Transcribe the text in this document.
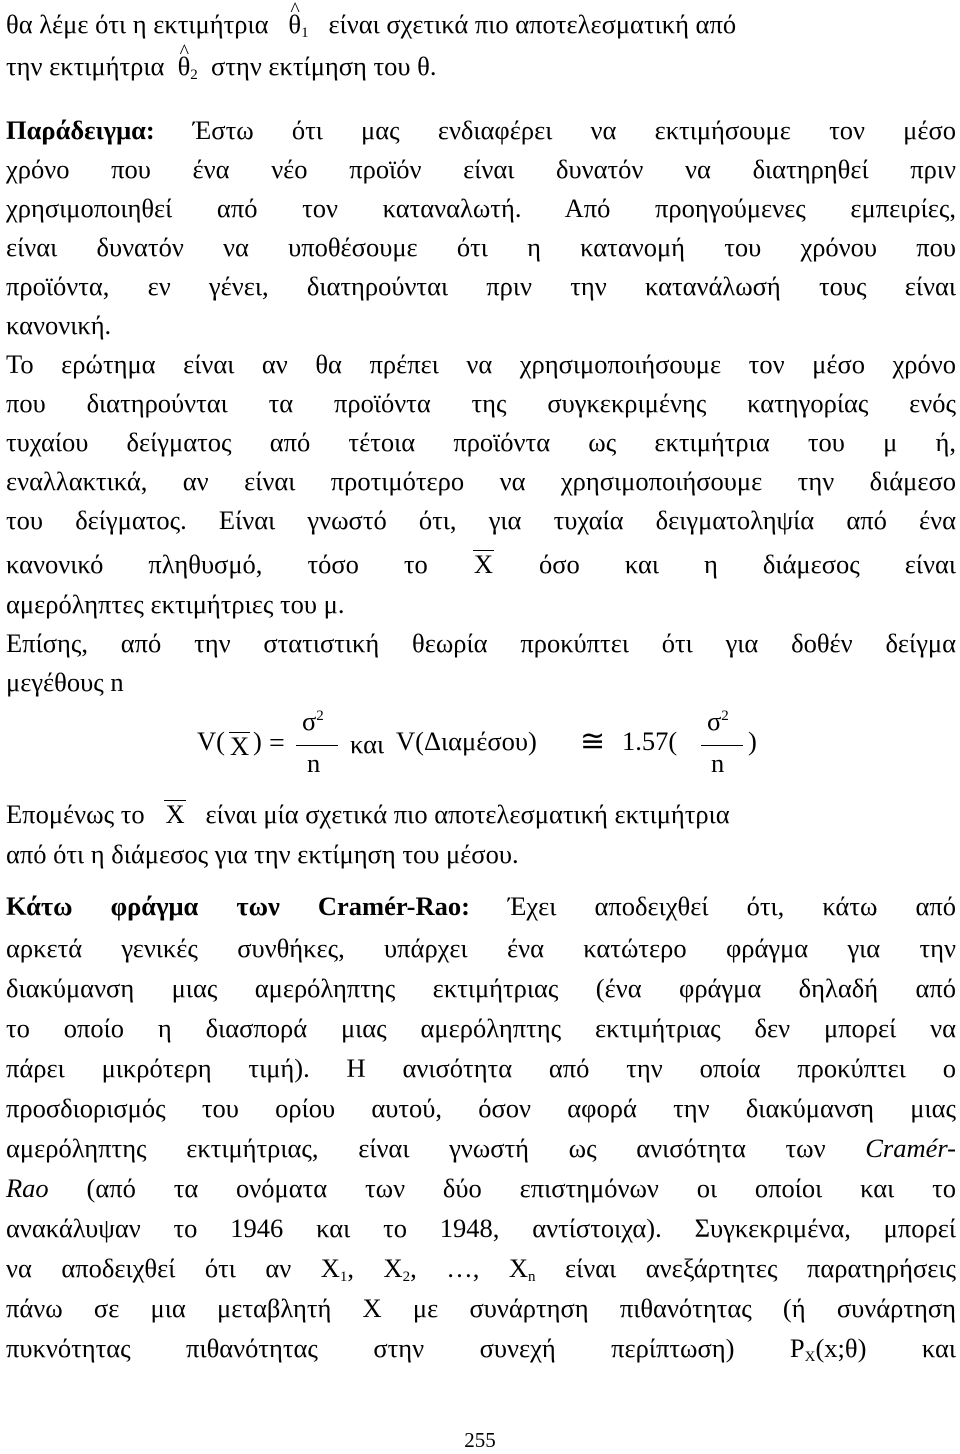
θα λέμε ότι η εκτιμήτρια ^ $\theta_1$ είναι σχετικά πιο αποτελεσματική από
την εκτιμήτρια ^ $\theta_2$ στην εκτίμηση του θ.
Παράδειγμα: Έστω ότι μας ενδιαφέρει να εκτιμήσουμε τον μέσο
χρόνο που ένα νέο προϊόν είναι δυνατόν να διατηρηθεί πριν
χρησιμοποιηθεί από τον καταναλωτή. Από προηγούμενες εμπειρίες,
είναι δυνατόν να υποθέσουμε ότι η κατανομή του χρόνου που
προϊόντα, εν γένει, διατηρούνται πριν την κατανάλωσή τους είναι
κανονική.
Το ερώτημα είναι αν θα πρέπει να χρησιμοποιήσουμε τον μέσο χρόνο
που διατηρούνται τα προϊόντα της συγκεκριμένης κατηγορίας ενός
τυχαίου δείγματος από τέτοια προϊόντα ως εκτιμήτρια του μ ή,
εναλλακτικά, αν είναι προτιμότερο να χρησιμοποιήσουμε την διάμεσο
του δείγματος. Είναι γνωστό ότι, για τυχαία δειγματοληψία από ένα
κανονικό πληθυσμό, τόσο το X όσο και η διάμεσος είναι
αμερόληπτες εκτιμήτριες του μ.
Επίσης, από την στατιστική θεωρία προκύπτει ότι για δοθέν δείγμα
μεγέθους n
V( X ) =
$\sigma^2$
n
και V(Διαμέσου) ≅ 1.57(
$\sigma^2$
n
)
Επομένως το X είναι μία σχετικά πιο αποτελεσματική εκτιμήτρια
από ότι η διάμεσος για την εκτίμηση του μέσου.
Κάτω φράγμα των Cramér-Rao: Έχει αποδειχθεί ότι, κάτω από
αρκετά γενικές συνθήκες, υπάρχει ένα κατώτερο φράγμα για την
διακύμανση μιας αμερόληπτης εκτιμήτριας (ένα φράγμα δηλαδή από
το οποίο η διασπορά μιας αμερόληπτης εκτιμήτριας δεν μπορεί να
πάρει μικρότερη τιμή). Η ανισότητα από την οποία προκύπτει ο
προσδιορισμός του ορίου αυτού, όσον αφορά την διακύμανση μιας
αμερόληπτης εκτιμήτριας, είναι γνωστή ως ανισότητα των Cramér-
Rao (από τα ονόματα των δύο επιστημόνων οι οποίοι και το
ανακάλυψαν το 1946 και το 1948, αντίστοιχα). Συγκεκριμένα, μπορεί
να αποδειχθεί ότι αν $X_1$, $X_2$, …, $X_n$ είναι ανεξάρτητες παρατηρήσεις
πάνω σε μια μεταβλητή X με συνάρτηση πιθανότητας (ή συνάρτηση
πυκνότητας πιθανότητας στην συνεχή περίπτωση) $P_X(x;\theta)$ και
255
